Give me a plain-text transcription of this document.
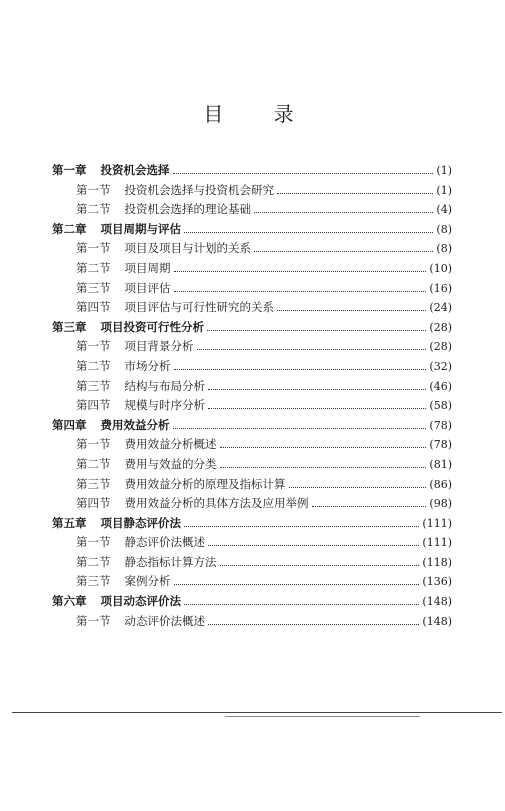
目 录
第一章 投资机会选择	(1)
第一节 投资机会选择与投资机会研究	(1)
第二节 投资机会选择的理论基础	(4)
第二章 项目周期与评估	(8)
第一节 项目及项目与计划的关系	(8)
第二节 项目周期	(10)
第三节 项目评估	(16)
第四节 项目评估与可行性研究的关系	(24)
第三章 项目投资可行性分析	(28)
第一节 项目背景分析	(28)
第二节 市场分析	(32)
第三节 结构与布局分析	(46)
第四节 规模与时序分析	(58)
第四章 费用效益分析	(78)
第一节 费用效益分析概述	(78)
第二节 费用与效益的分类	(81)
第三节 费用效益分析的原理及指标计算	(86)
第四节 费用效益分析的具体方法及应用举例	(98)
第五章 项目静态评价法	(111)
第一节 静态评价法概述	(111)
第二节 静态指标计算方法	(118)
第三节 案例分析	(136)
第六章 项目动态评价法	(148)
第一节 动态评价法概述	(148)
